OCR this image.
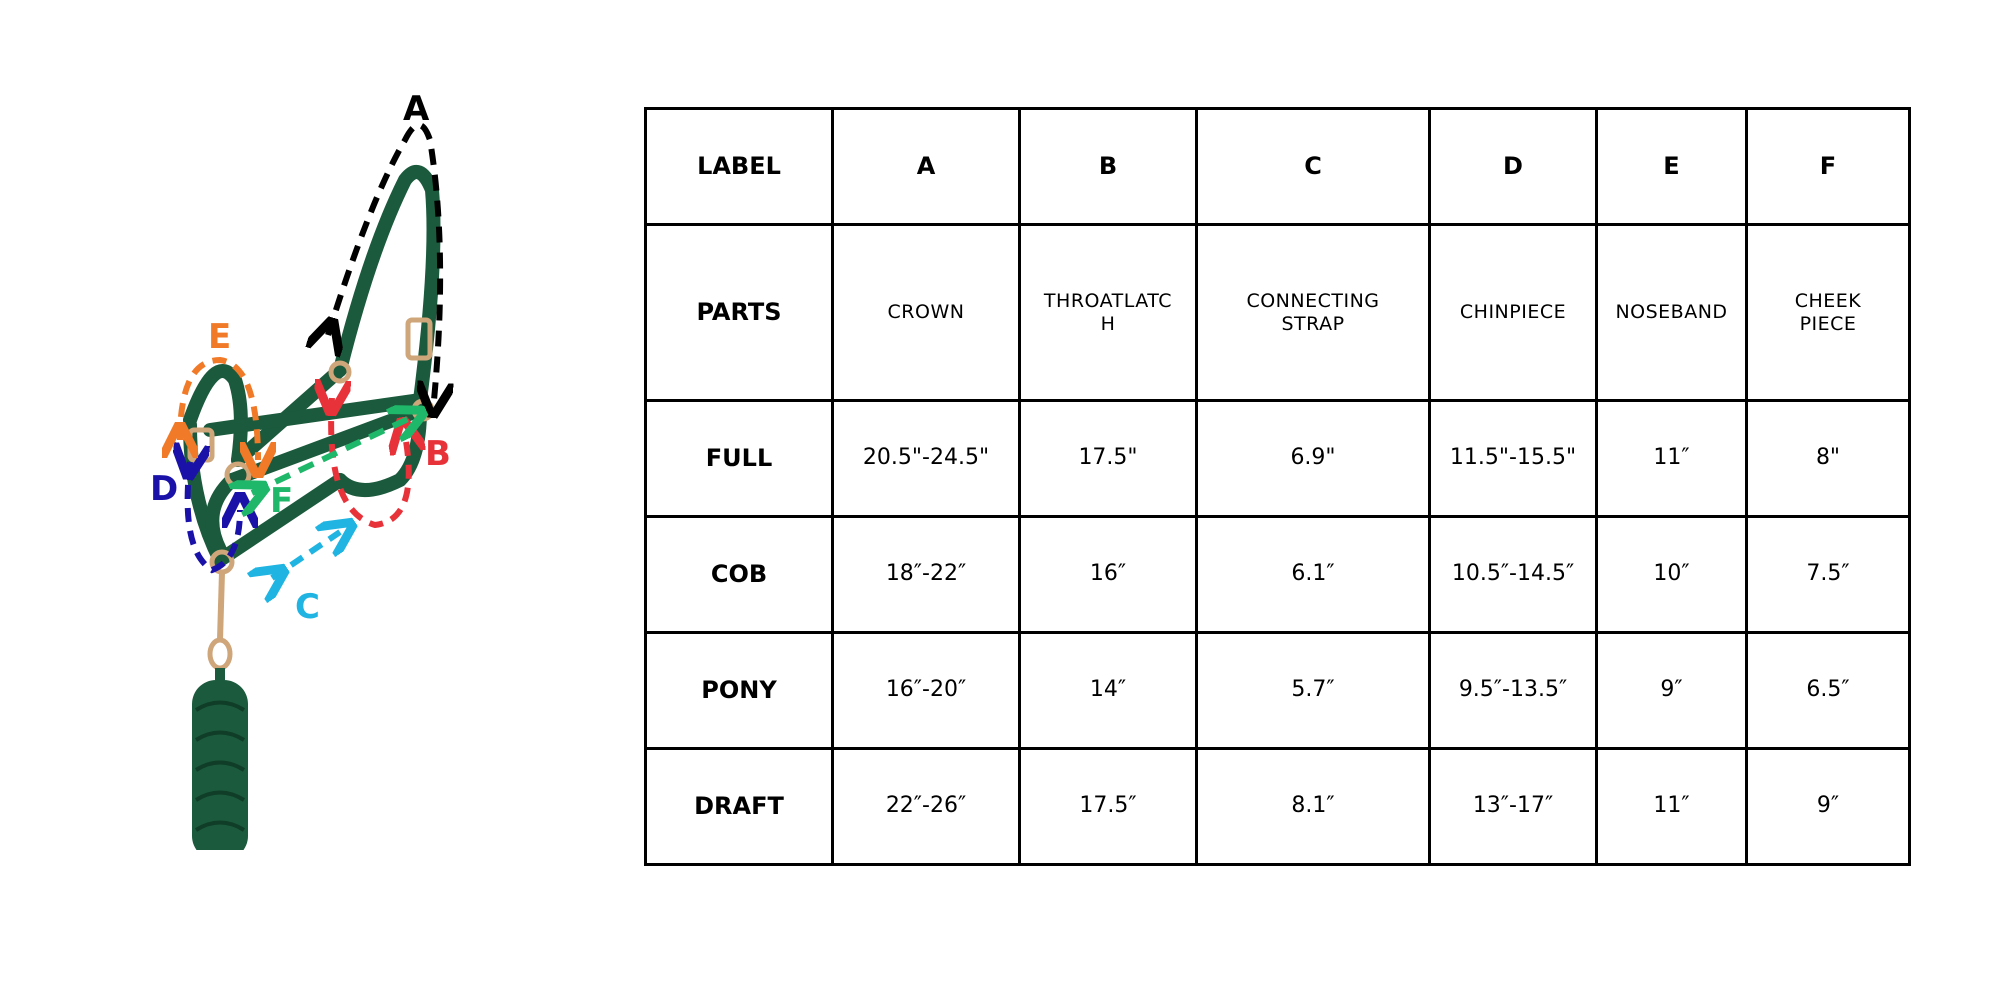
A
B
C
D
E
F
LABEL	A	B	C	D	E	F
PARTS	CROWN	THROATLATCH	CONNECTING STRAP	CHINPIECE	NOSEBAND	CHEEK PIECE
FULL	20.5"-24.5"	17.5"	6.9"	11.5"-15.5"	11″	8"
COB	18″-22″	16″	6.1″	10.5″-14.5″	10″	7.5″
PONY	16″-20″	14″	5.7″	9.5″-13.5″	9″	6.5″
DRAFT	22″-26″	17.5″	8.1″	13″-17″	11″	9″
